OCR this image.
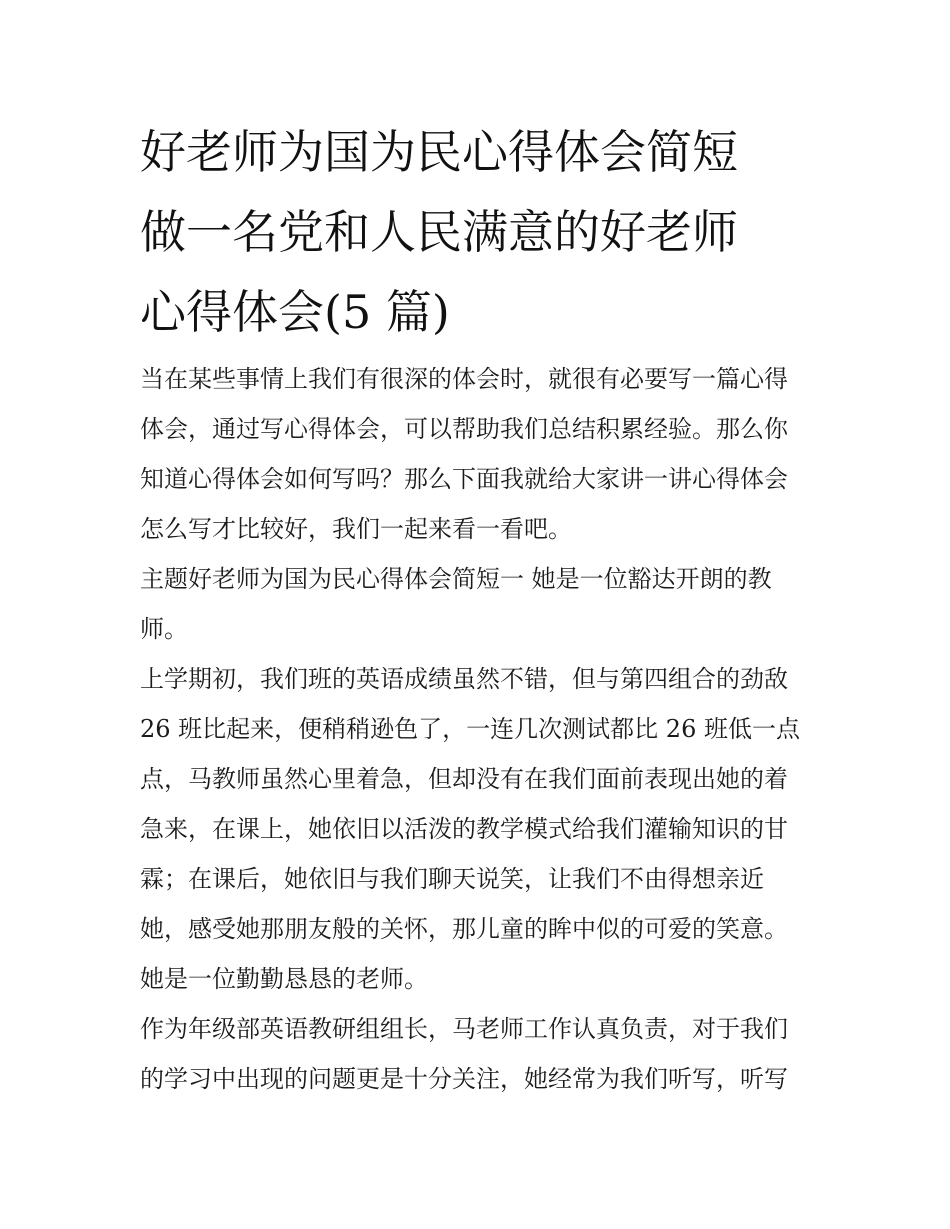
好老师为国为民心得体会简短
做一名党和人民满意的好老师
心得体会(5 篇)
当在某些事情上我们有很深的体会时，就很有必要写一篇心得
体会，通过写心得体会，可以帮助我们总结积累经验。那么你
知道心得体会如何写吗？那么下面我就给大家讲一讲心得体会
怎么写才比较好，我们一起来看一看吧。
主题好老师为国为民心得体会简短一 她是一位豁达开朗的教
师。
上学期初，我们班的英语成绩虽然不错，但与第四组合的劲敌
26 班比起来，便稍稍逊色了，一连几次测试都比 26 班低一点
点，马教师虽然心里着急，但却没有在我们面前表现出她的着
急来，在课上，她依旧以活泼的教学模式给我们灌输知识的甘
霖；在课后，她依旧与我们聊天说笑，让我们不由得想亲近
她，感受她那朋友般的关怀，那儿童的眸中似的可爱的笑意。
她是一位勤勤恳恳的老师。
作为年级部英语教研组组长，马老师工作认真负责，对于我们
的学习中出现的问题更是十分关注，她经常为我们听写，听写
